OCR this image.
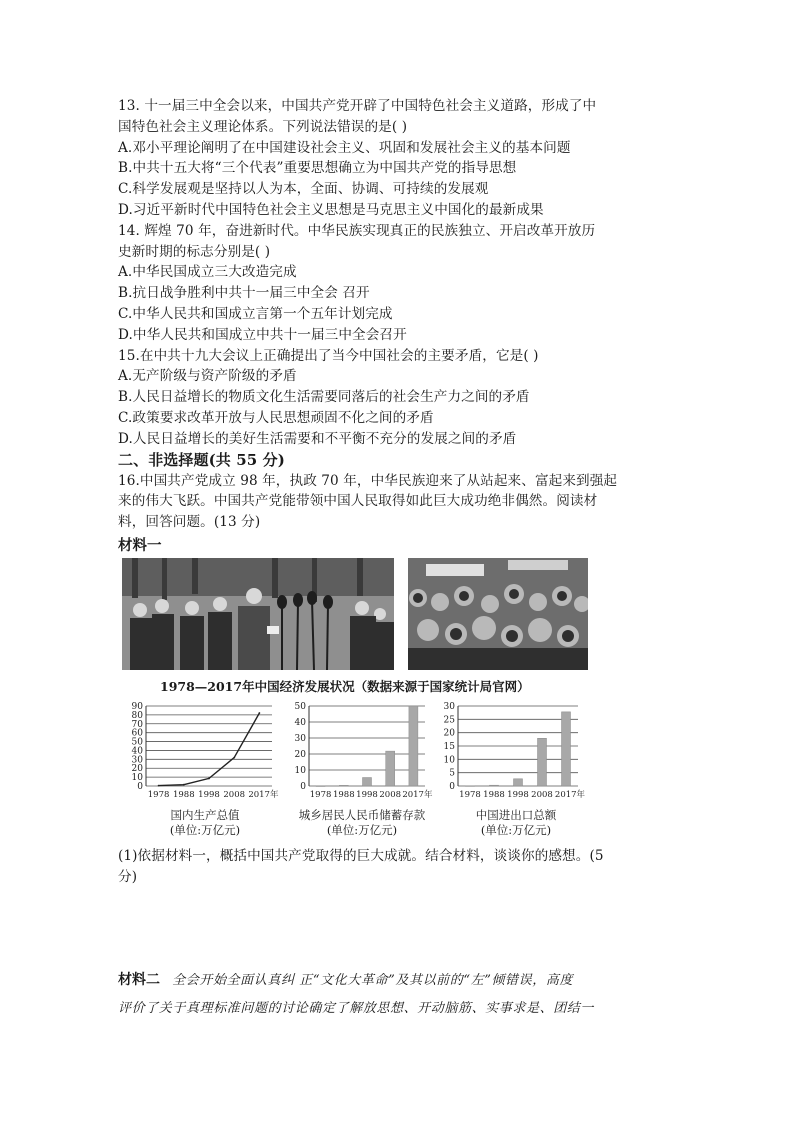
13. 十一届三中全会以来，中国共产党开辟了中国特色社会主义道路，形成了中
国特色社会主义理论体系。下列说法错误的是( )
A.邓小平理论阐明了在中国建设社会主义、巩固和发展社会主义的基本问题
B.中共十五大将“三个代表”重要思想确立为中国共产党的指导思想
C.科学发展观是坚持以人为本，全面、协调、可持续的发展观
D.习近平新时代中国特色社会主义思想是马克思主义中国化的最新成果
14. 辉煌 70 年，奋进新时代。中华民族实现真正的民族独立、开启改革开放历
史新时期的标志分别是( )
A.中华民国成立三大改造完成
B.抗日战争胜利中共十一届三中全会 召开
C.中华人民共和国成立言第一个五年计划完成
D.中华人民共和国成立中共十一届三中全会召开
15.在中共十九大会议上正确提出了当今中国社会的主要矛盾，它是( )
A.无产阶级与资产阶级的矛盾
B.人民日益增长的物质文化生活需要同落后的社会生产力之间的矛盾
C.政策要求改革开放与人民思想顽固不化之间的矛盾
D.人民日益增长的美好生活需要和不平衡不充分的发展之间的矛盾
二、非选择题(共 55 分)
16.中国共产党成立 98 年，执政 70 年，中华民族迎来了从站起来、富起来到强起
来的伟大飞跃。中国共产党能带领中国人民取得如此巨大成功绝非偶然。阅读材
料，回答问题。(13 分)
材料一
1978—2017年中国经济发展状况（数据来源于国家统计局官网）
90
80
70
60
50
40
30
20
10
0
1978 1988 1998 2008 2017年
国内生产总值
(单位:万亿元)
50
40
30
20
10
0
1978 1988 1998 2008 2017年
城乡居民人民币储蓄存款
(单位:万亿元)
30
25
20
15
10
5
0
1978 1988 1998 2008 2017年
中国进出口总额
(单位:万亿元)
(1)依据材料一，概括中国共产党取得的巨大成就。结合材料，谈谈你的感想。(5
分)
材料二 全会开始全面认真纠 正“文化大革命”及其以前的“左”倾错误，高度
评价了关于真理标准问题的讨论确定了解放思想、开动脑筋、实事求是、团结一
